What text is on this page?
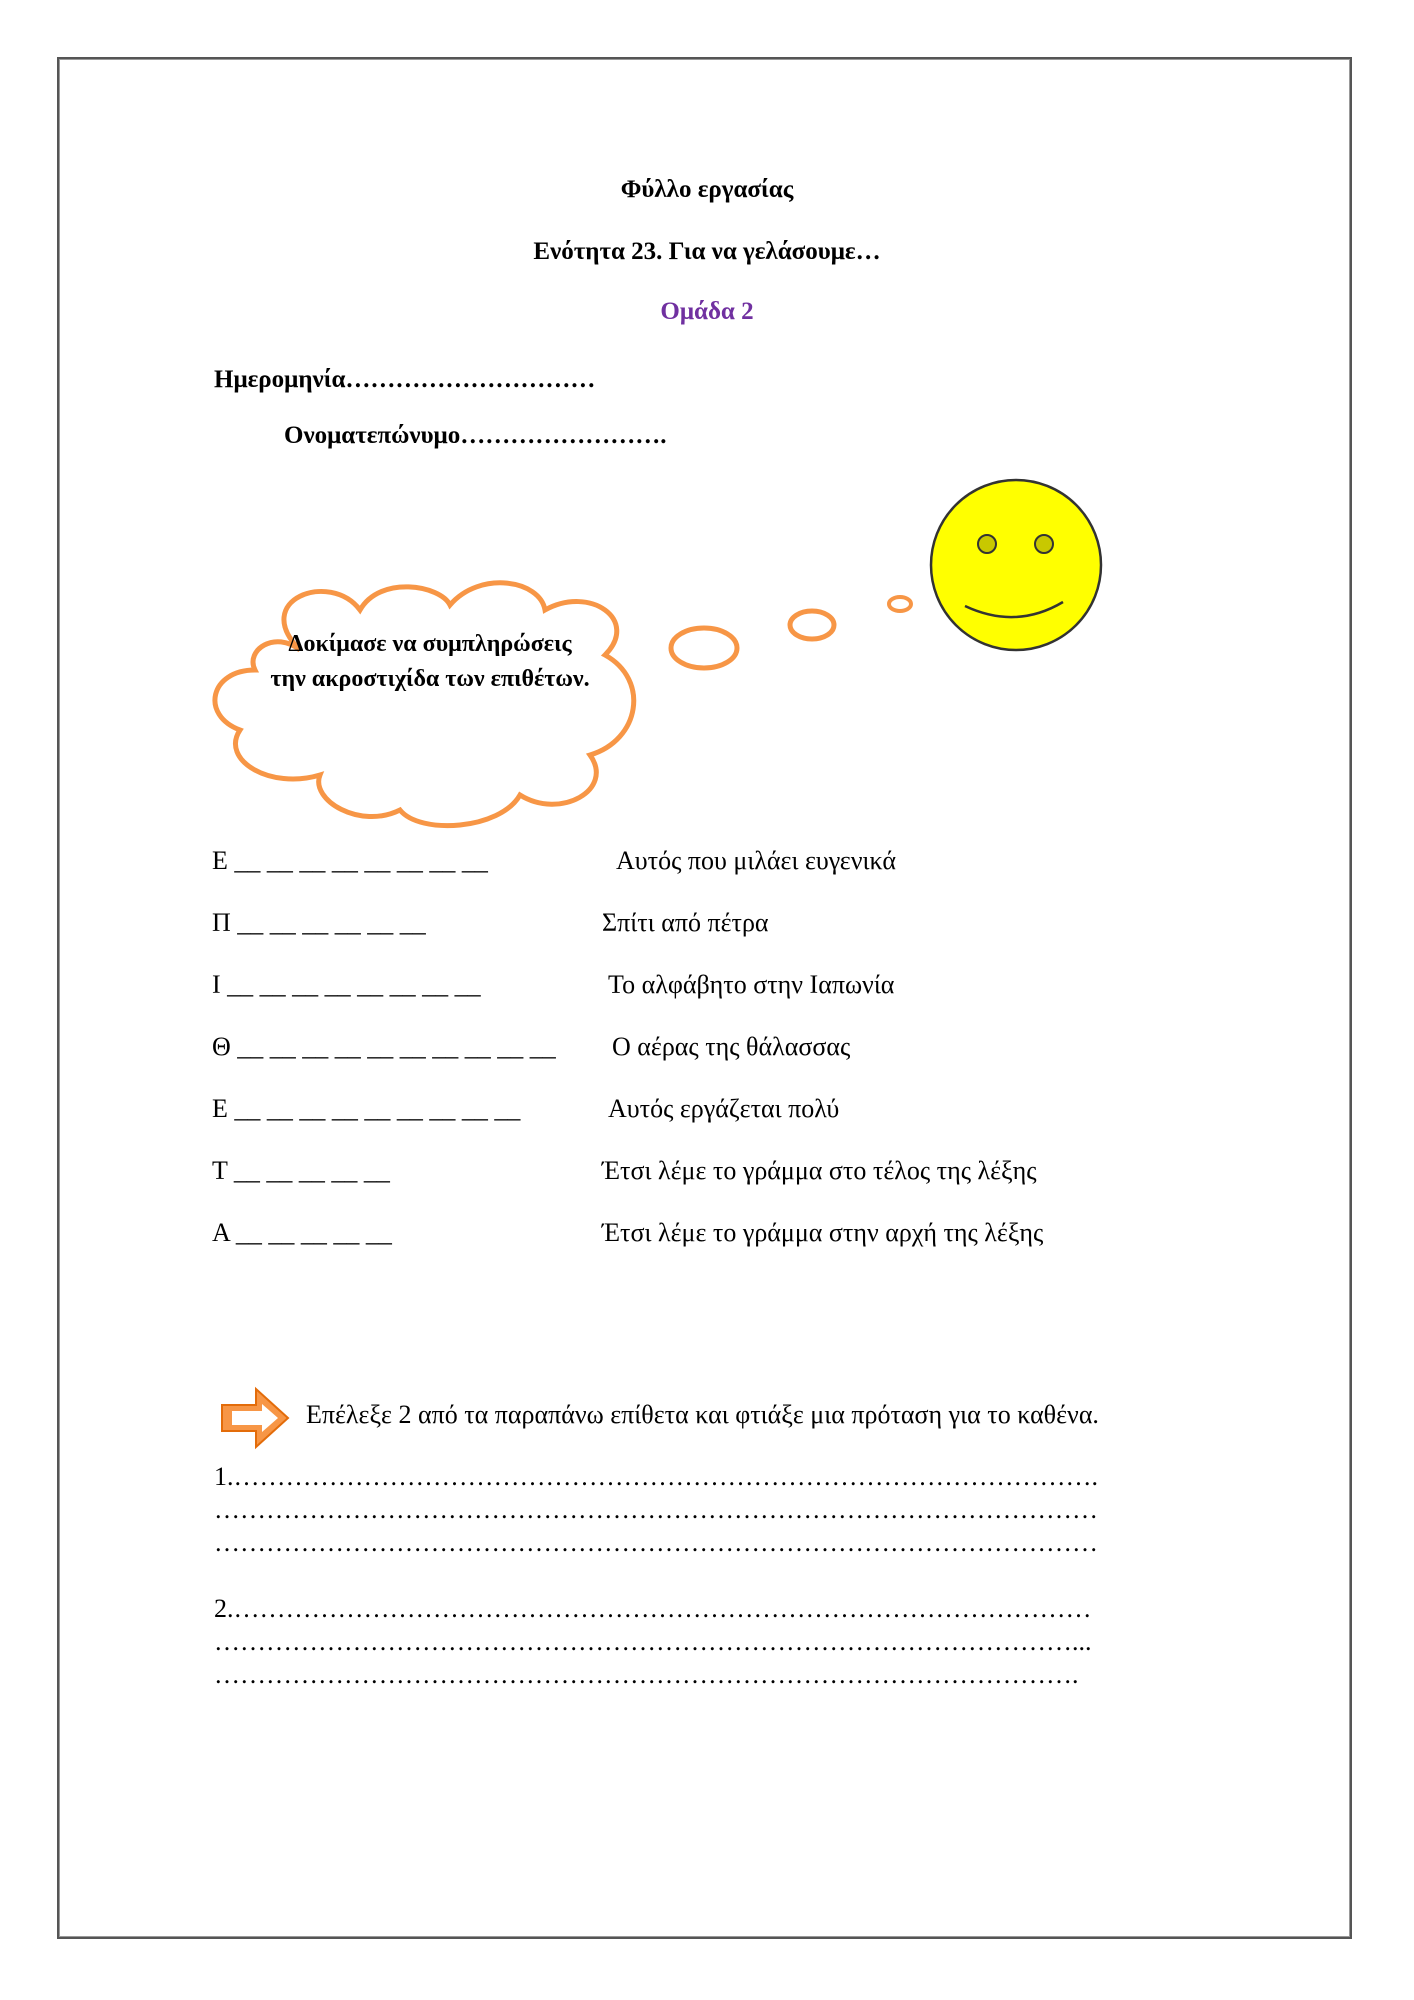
Φύλλο εργασίας
Ενότητα 23. Για να γελάσουμε…
Ομάδα 2
Ημερομηνία…………………………
Ονοματεπώνυμο…………………….
Δοκίμασε να συμπληρώσεις την ακροστιχίδα των επιθέτων.
Ε __ __ __ __ __ __ __ __	Αυτός που μιλάει ευγενικά
Π __ __ __ __ __ __	Σπίτι από πέτρα
Ι __ __ __ __ __ __ __ __	Το αλφάβητο στην Ιαπωνία
Θ __ __ __ __ __ __ __ __ __ __ Ο αέρας της θάλασσας
Ε __ __ __ __ __ __ __ __ __	Αυτός εργάζεται πολύ
Τ __ __ __ __ __	Έτσι λέμε το γράμμα στο τέλος της λέξης
Α __ __ __ __ __	Έτσι λέμε το γράμμα στην αρχή της λέξης
Επέλεξε 2 από τα παραπάνω επίθετα και φτιάξε μια πρόταση για το καθένα.
1.……………………………………………………………………………………….
…………………………………………………………………………………………
…………………………………………………………………………………………
2.………………………………………………………………………………………
………………………………………………………………………………………...
……………………………………………………………………………………….
